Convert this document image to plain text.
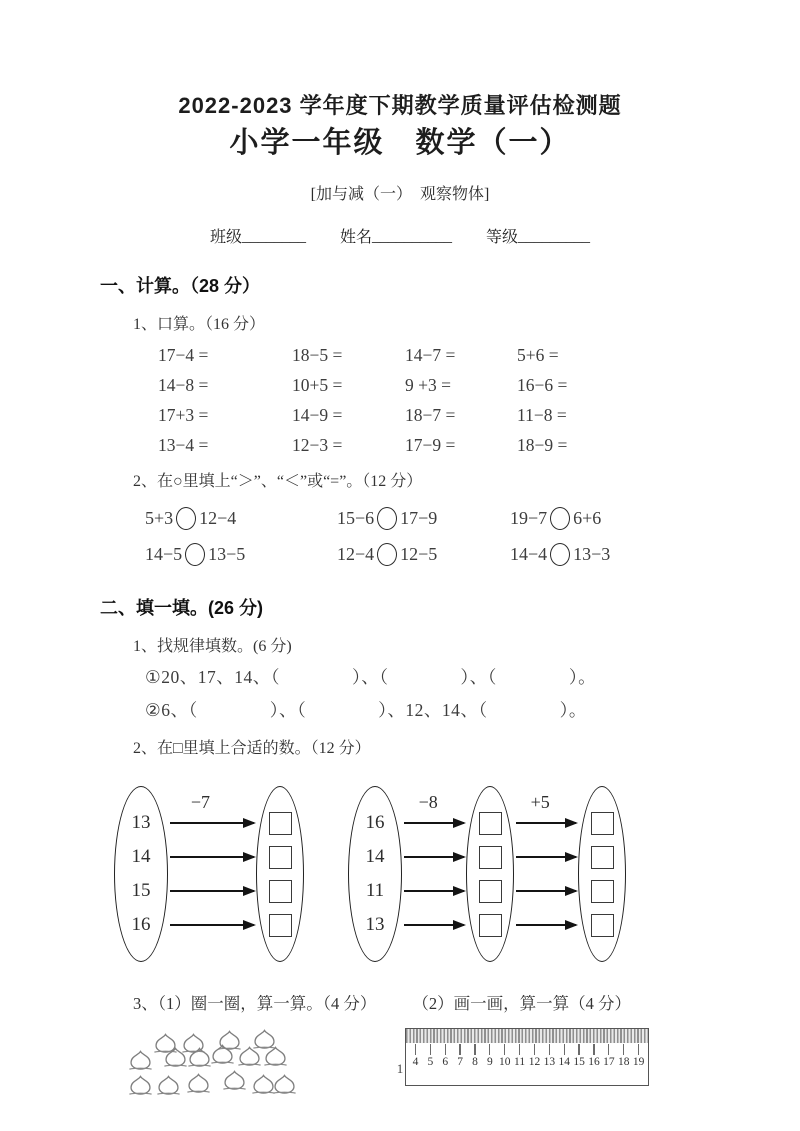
2022-2023 学年度下期教学质量评估检测题
小学一年级　数学（一）
[加与减（一）　观察物体]
班级________ 姓名__________ 等级_________
一、计算。（28 分）
1、口算。（16 分）
17−4 =	18−5 =	14−7 =	5+6 =
14−8 =	10+5 =	9 +3 =	16−6 =
17+3 =	14−9 =	18−7 =	11−8 =
13−4 =	12−3 =	17−9 =	18−9 =
2、在○里填上“＞”、“＜”或“=”。（12 分）
5+3 12−4	15−6 17−9	19−7 6+6
14−5 13−5	12−4 12−5	14−4 13−3
二、填一填。(26 分)
1、找规律填数。(6 分)
①20、17、14、（　　　　）、（　　　　）、（　　　　）。
②6、（　　　　）、（　　　　）、12、14、（　　　　）。
2、在□里填上合适的数。（12 分）
13
14
15
16
−7
16
14
11
13
−8	+5
3、（1）圈一圈，算一算。（4 分） （2）画一画，算一算（4 分）
4 5 6 7 8 9 10 11 12 13 14 15 16 17 18 19
1
